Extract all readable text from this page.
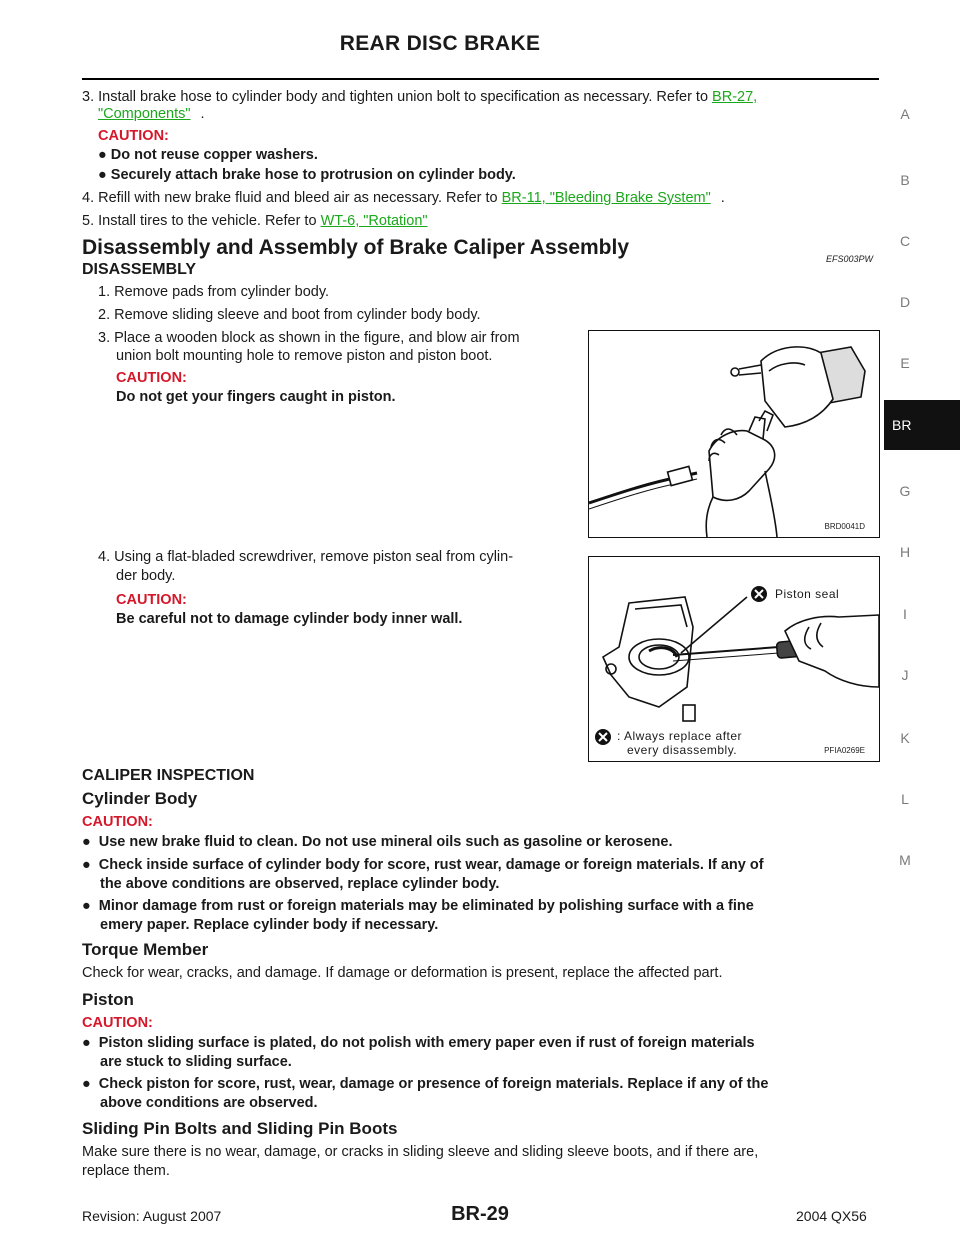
REAR DISC BRAKE
A
B
C
D
E
G
H
I
J
K
L
M
BR
3. Install brake hose to cylinder body and tighten union bolt to specification as necessary. Refer to BR-27,
"Components" .
CAUTION:
● Do not reuse copper washers.
● Securely attach brake hose to protrusion on cylinder body.
4. Refill with new brake fluid and bleed air as necessary. Refer to BR-11, "Bleeding Brake System" .
5. Install tires to the vehicle. Refer to WT-6, "Rotation"
Disassembly and Assembly of Brake Caliper Assembly	EFS003PW
DISASSEMBLY
1. Remove pads from cylinder body.
2. Remove sliding sleeve and boot from cylinder body body.
3. Place a wooden block as shown in the figure, and blow air from
union bolt mounting hole to remove piston and piston boot.
CAUTION:
Do not get your fingers caught in piston.
4. Using a flat-bladed screwdriver, remove piston seal from cylin-
der body.
CAUTION:
Be careful not to damage cylinder body inner wall.
CALIPER INSPECTION
Cylinder Body
CAUTION:
● Use new brake fluid to clean. Do not use mineral oils such as gasoline or kerosene.
● Check inside surface of cylinder body for score, rust wear, damage or foreign materials. If any of
the above conditions are observed, replace cylinder body.
● Minor damage from rust or foreign materials may be eliminated by polishing surface with a fine
emery paper. Replace cylinder body if necessary.
Torque Member
Check for wear, cracks, and damage. If damage or deformation is present, replace the affected part.
Piston
CAUTION:
● Piston sliding surface is plated, do not polish with emery paper even if rust of foreign materials
are stuck to sliding surface.
● Check piston for score, rust, wear, damage or presence of foreign materials. Replace if any of the
above conditions are observed.
Sliding Pin Bolts and Sliding Pin Boots
Make sure there is no wear, damage, or cracks in sliding sleeve and sliding sleeve boots, and if there are,
replace them.
BRD0041D
Piston seal
: Always replace after
every disassembly.	PFIA0269E
Revision: August 2007	BR-29	2004 QX56
